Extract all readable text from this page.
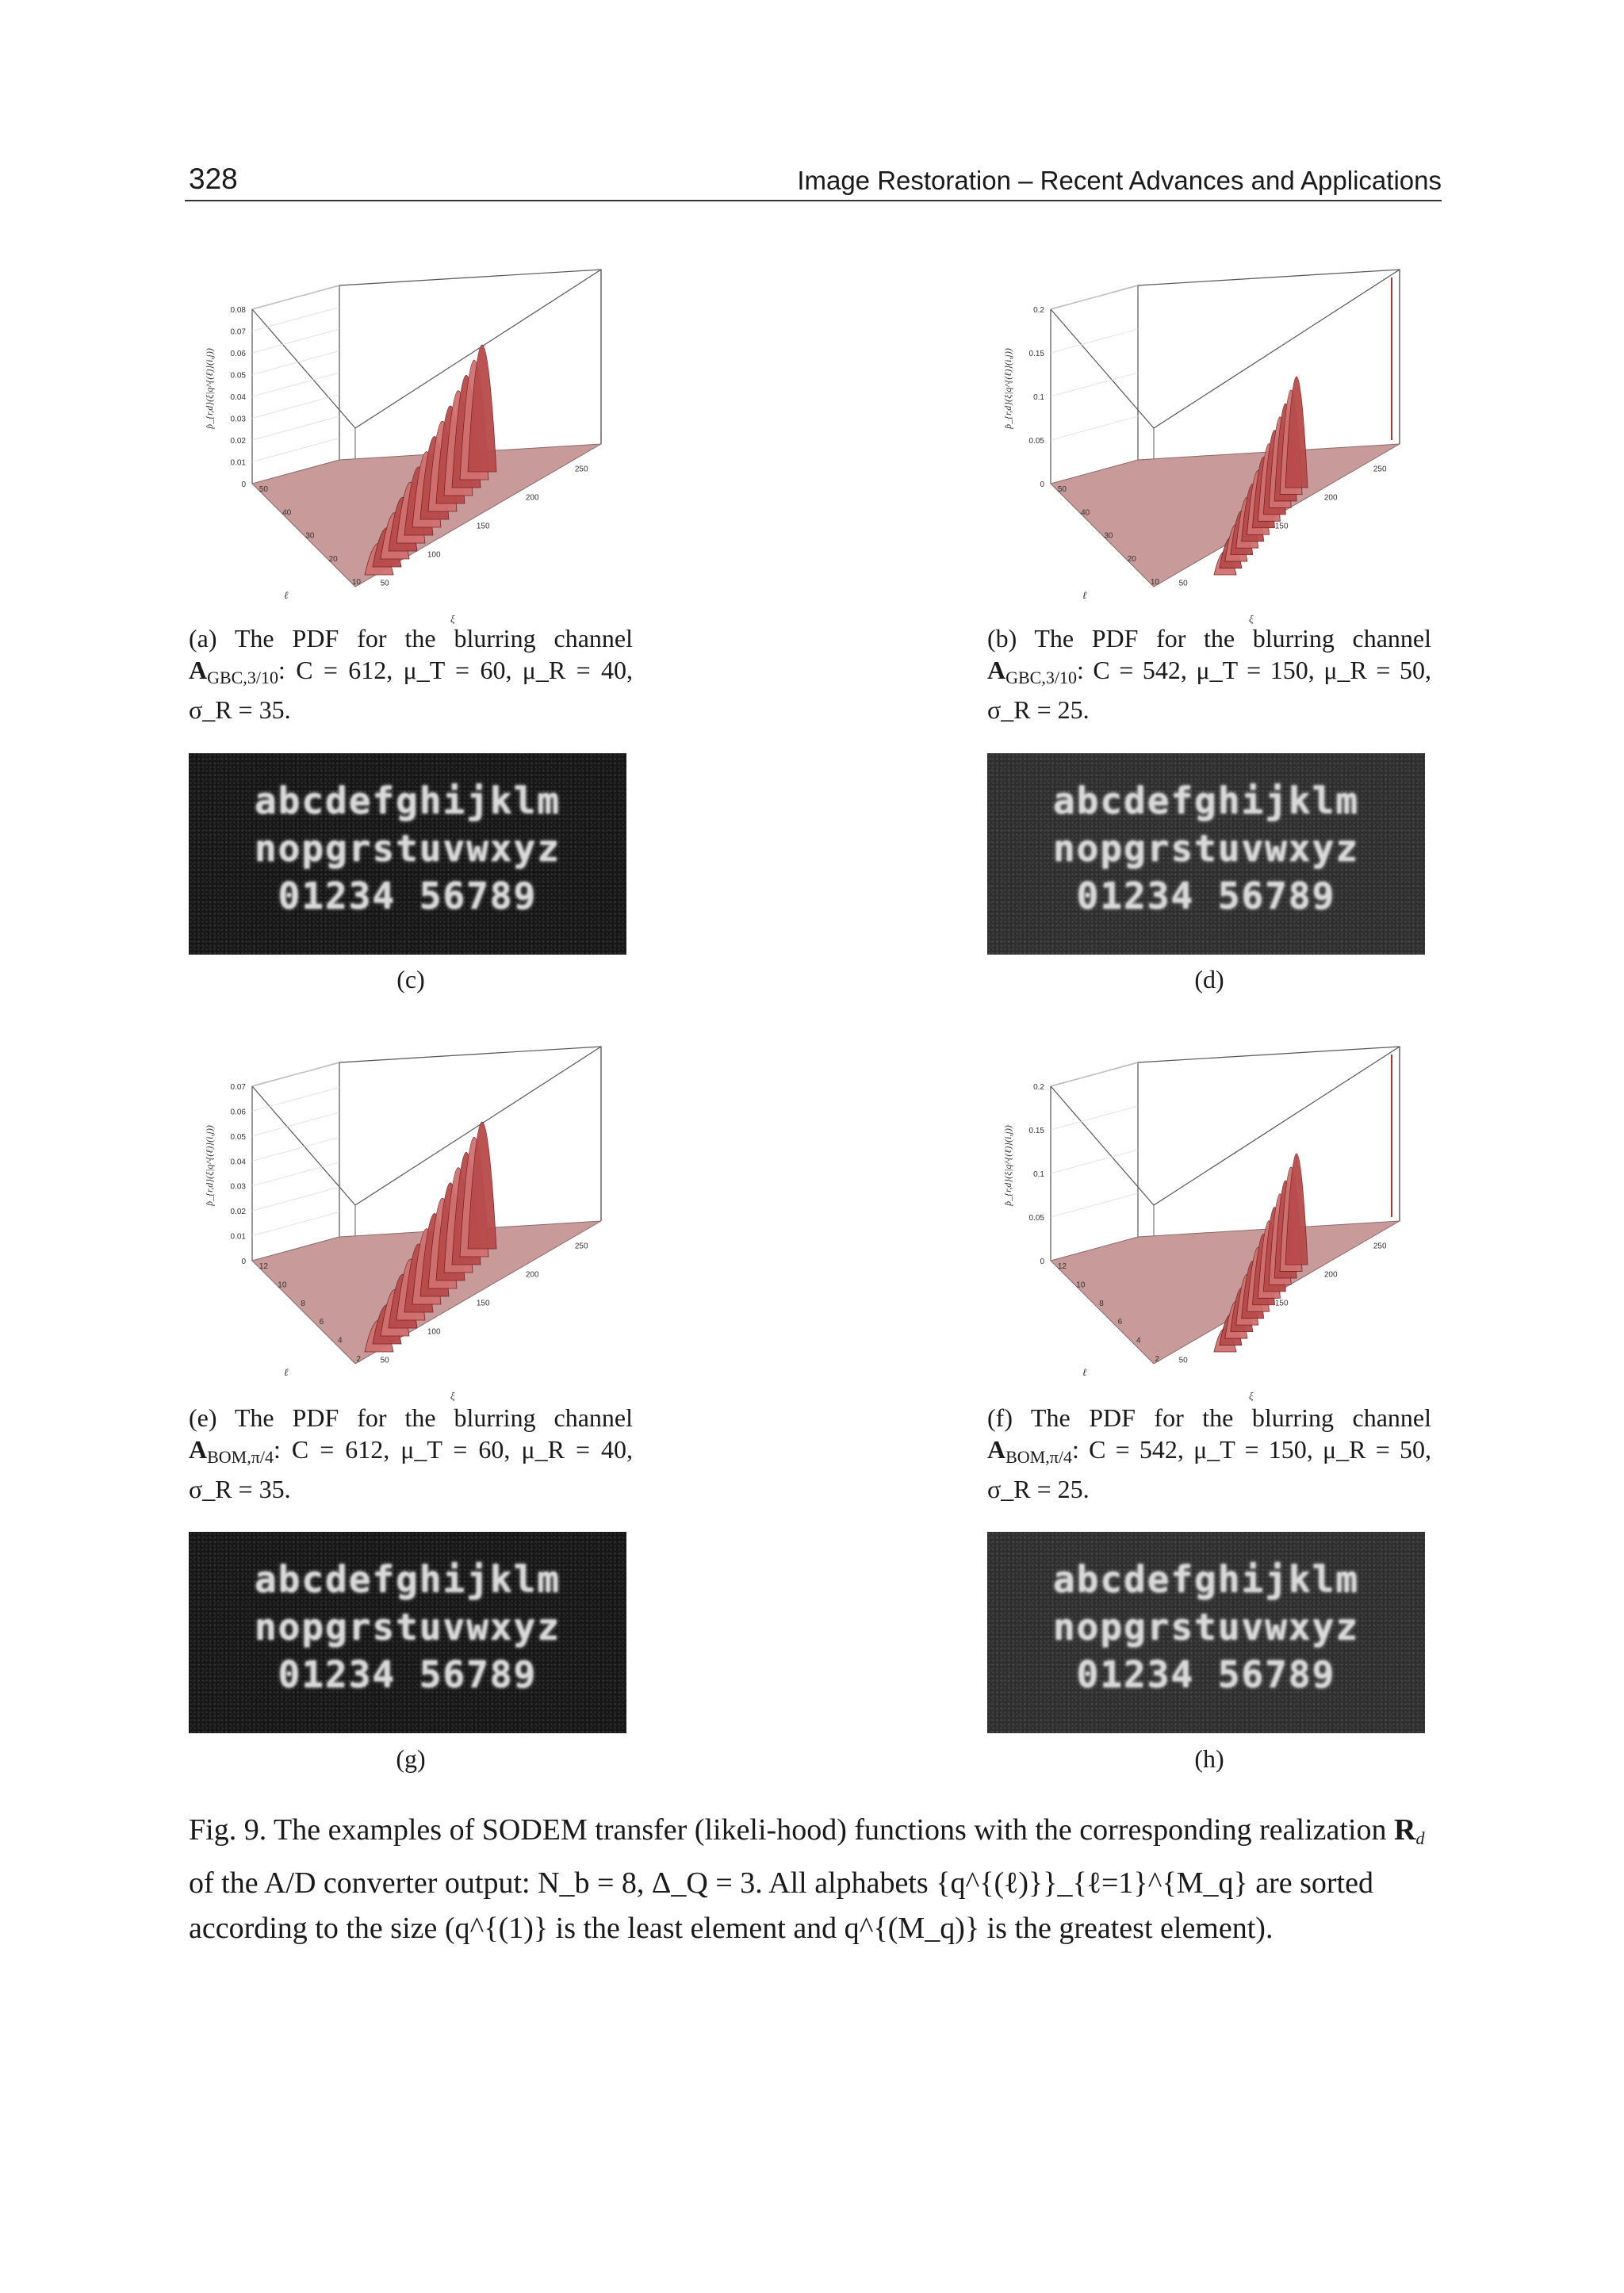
328	Image Restoration – Recent Advances and Applications
0.08
0.07
0.06
0.05
0.04
0.03
0.02
0.01
0
p̂_{r,d}(ξ|q^{(ℓ)}(i,j))
50
40
30
20
10 50
100
150
200
250
ξ
ℓ
0.2
0.15
0.1
0.05
0
p̂_{r,d}(ξ|q^{(ℓ)}(i,j))
50
40
30
20
10 50
150
200
250
ξ
ℓ
0.07
0.06
0.05
0.04
0.03
0.02
0.01
0
p̂_{r,d}(ξ|q^{(ℓ)}(i,j))
12
10
8
6
4
2 50
100
150
200
250
ξ
ℓ
0.2
0.15
0.1
0.05
0
p̂_{r,d}(ξ|q^{(ℓ)}(i,j))
12
10
8
6
4
2 50
150
200
250
ξ
ℓ
(a) The PDF for the blurring channel $A_{GBC,3/10}$: C = 612, μ_T = 60, μ_R = 40, σ_R = 35.
(b) The PDF for the blurring channel $A_{GBC,3/10}$: C = 542, μ_T = 150, μ_R = 50, σ_R = 25.
abcdefghijklm
nopgrstuvwxyz
01234 56789
abcdefghijklm
nopgrstuvwxyz
01234 56789
(c)	(d)
(e) The PDF for the blurring channel $A_{BOM,\pi/4}$: C = 612, μ_T = 60, μ_R = 40, σ_R = 35.
(f) The PDF for the blurring channel $A_{BOM,\pi/4}$: C = 542, μ_T = 150, μ_R = 50, σ_R = 25.
abcdefghijklm
nopgrstuvwxyz
01234 56789
abcdefghijklm
nopgrstuvwxyz
01234 56789
(g)	(h)
Fig. 9. The examples of SODEM transfer (likeli-hood) functions with the corresponding realization $R_d$ of the A/D converter output: N_b = 8, Δ_Q = 3. All alphabets {q^{(ℓ)}}_{ℓ=1}^{M_q} are sorted according to the size (q^{(1)} is the least element and q^{(M_q)} is the greatest element).
